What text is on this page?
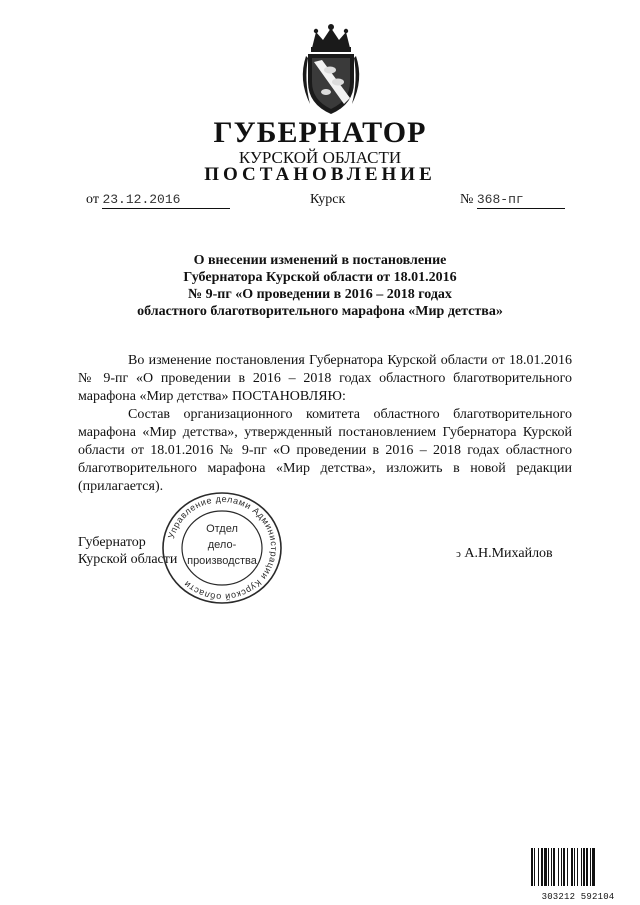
ГУБЕРНАТОР
КУРСКОЙ ОБЛАСТИ
ПОСТАНОВЛЕНИЕ
от 23.12.2016	Курск	№ 368-пг
О внесении изменений в постановление
Губернатора Курской области от 18.01.2016
№ 9-пг «О проведении в 2016 – 2018 годах
областного благотворительного марафона «Мир детства»

Во изменение постановления Губернатора Курской области от 18.01.2016 № 9-пг «О проведении в 2016 – 2018 годах областного благотворительного марафона «Мир детства» ПОСТАНОВЛЯЮ:

Состав организационного комитета областного благотворительного марафона «Мир детства», утвержденный постановлением Губернатора Курской области от 18.01.2016 № 9-пг «О проведении в 2016 – 2018 годах областного благотворительного марафона «Мир детства», изложить в новой редакции (прилагается).

Губернатор
Курской области	ↄ А.Н.Михайлов
Управление делами Администрации Курской области
Отдел
дело-
производства
303212 592104
